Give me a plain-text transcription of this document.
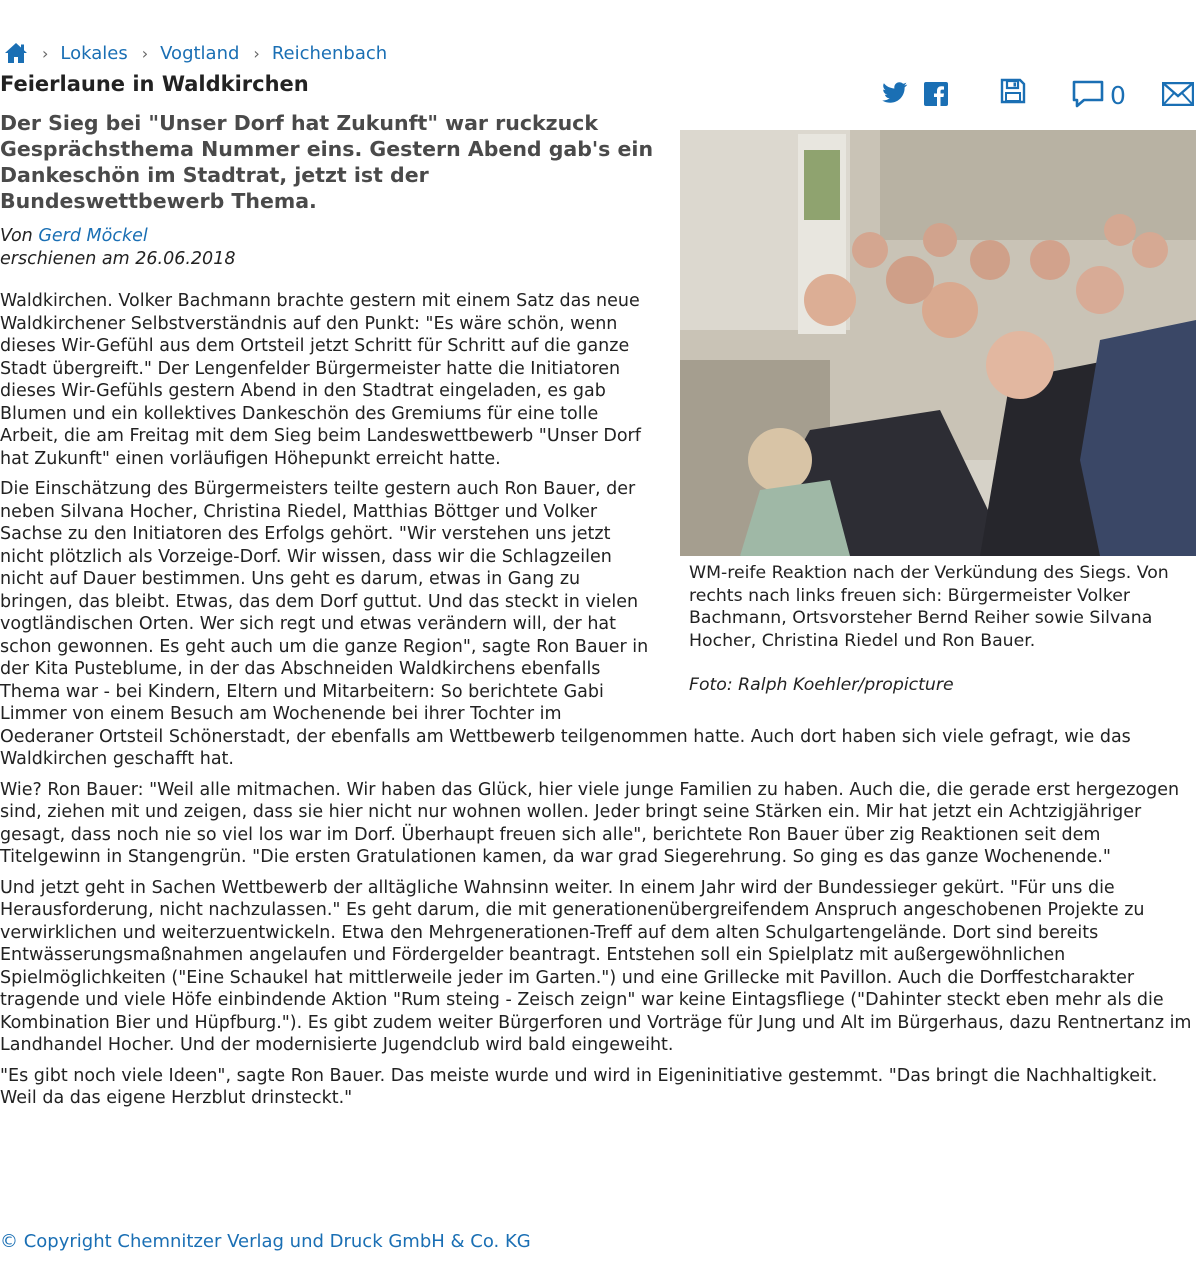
› Lokales › Vogtland › Reichenbach
Feierlaune in Waldkirchen	0
Der Sieg bei "Unser Dorf hat Zukunft" war ruckzuck Gesprächsthema Nummer eins. Gestern Abend gab's ein Dankeschön im Stadtrat, jetzt ist der Bundeswettbewerb Thema.
Von Gerd Möckel
erschienen am 26.06.2018
WM-reife Reaktion nach der Verkündung des Siegs. Von rechts nach links freuen sich: Bürgermeister Volker Bachmann, Ortsvorsteher Bernd Reiher sowie Silvana Hocher, Christina Riedel und Ron Bauer.
Foto: Ralph Koehler/propicture

Waldkirchen. Volker Bachmann brachte gestern mit einem Satz das neue Waldkirchener Selbstverständnis auf den Punkt: "Es wäre schön, wenn dieses Wir-Gefühl aus dem Ortsteil jetzt Schritt für Schritt auf die ganze Stadt übergreift." Der Lengenfelder Bürgermeister hatte die Initiatoren dieses Wir-Gefühls gestern Abend in den Stadtrat eingeladen, es gab Blumen und ein kollektives Dankeschön des Gremiums für eine tolle Arbeit, die am Freitag mit dem Sieg beim Landeswettbewerb "Unser Dorf hat Zukunft" einen vorläufigen Höhepunkt erreicht hatte.

Die Einschätzung des Bürgermeisters teilte gestern auch Ron Bauer, der neben Silvana Hocher, Christina Riedel, Matthias Böttger und Volker Sachse zu den Initiatoren des Erfolgs gehört. "Wir verstehen uns jetzt nicht plötzlich als Vorzeige-Dorf. Wir wissen, dass wir die Schlagzeilen nicht auf Dauer bestimmen. Uns geht es darum, etwas in Gang zu bringen, das bleibt. Etwas, das dem Dorf guttut. Und das steckt in vielen vogtländischen Orten. Wer sich regt und etwas verändern will, der hat schon gewonnen. Es geht auch um die ganze Region", sagte Ron Bauer in der Kita Pusteblume, in der das Abschneiden Waldkirchens ebenfalls Thema war - bei Kindern, Eltern und Mitarbeitern: So berichtete Gabi Limmer von einem Besuch am Wochenende bei ihrer Tochter im Oederaner Ortsteil Schönerstadt, der ebenfalls am Wettbewerb teilgenommen hatte. Auch dort haben sich viele gefragt, wie das Waldkirchen geschafft hat.

Wie? Ron Bauer: "Weil alle mitmachen. Wir haben das Glück, hier viele junge Familien zu haben. Auch die, die gerade erst hergezogen sind, ziehen mit und zeigen, dass sie hier nicht nur wohnen wollen. Jeder bringt seine Stärken ein. Mir hat jetzt ein Achtzigjähriger gesagt, dass noch nie so viel los war im Dorf. Überhaupt freuen sich alle", berichtete Ron Bauer über zig Reaktionen seit dem Titelgewinn in Stangengrün. "Die ersten Gratulationen kamen, da war grad Siegerehrung. So ging es das ganze Wochenende."

Und jetzt geht in Sachen Wettbewerb der alltägliche Wahnsinn weiter. In einem Jahr wird der Bundessieger gekürt. "Für uns die Herausforderung, nicht nachzulassen." Es geht darum, die mit generationenübergreifendem Anspruch angeschobenen Projekte zu verwirklichen und weiterzuentwickeln. Etwa den Mehrgenerationen-Treff auf dem alten Schulgartengelände. Dort sind bereits Entwässerungsmaßnahmen angelaufen und Fördergelder beantragt. Entstehen soll ein Spielplatz mit außergewöhnlichen Spielmöglichkeiten ("Eine Schaukel hat mittlerweile jeder im Garten.") und eine Grillecke mit Pavillon. Auch die Dorffestcharakter tragende und viele Höfe einbindende Aktion "Rum steing - Zeisch zeign" war keine Eintagsfliege ("Dahinter steckt eben mehr als die Kombination Bier und Hüpfburg."). Es gibt zudem weiter Bürgerforen und Vorträge für Jung und Alt im Bürgerhaus, dazu Rentnertanz im Landhandel Hocher. Und der modernisierte Jugendclub wird bald eingeweiht.

"Es gibt noch viele Ideen", sagte Ron Bauer. Das meiste wurde und wird in Eigeninitiative gestemmt. "Das bringt die Nachhaltigkeit. Weil da das eigene Herzblut drinsteckt."

© Copyright Chemnitzer Verlag und Druck GmbH & Co. KG
